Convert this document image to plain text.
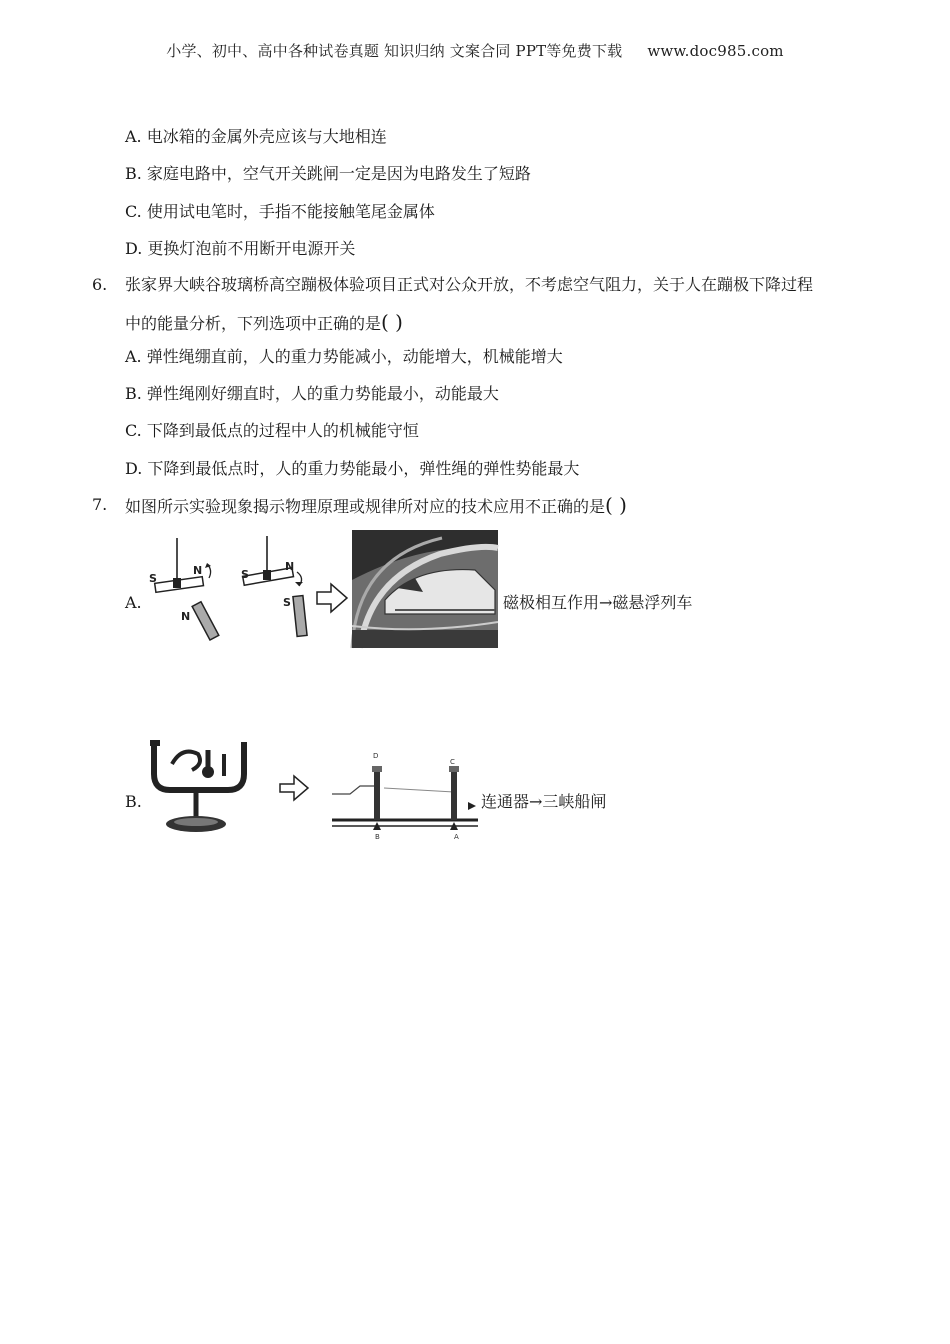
小学、初中、高中各种试卷真题 知识归纳 文案合同 PPT等免费下载 www.doc985.com
A. 电冰箱的金属外壳应该与大地相连
B. 家庭电路中，空气开关跳闸一定是因为电路发生了短路
C. 使用试电笔时，手指不能接触笔尾金属体
D. 更换灯泡前不用断开电源开关
6. 张家界大峡谷玻璃桥高空蹦极体验项目正式对公众开放，不考虑空气阻力，关于人在蹦极下降过程
中的能量分析，下列选项中正确的是( )
A. 弹性绳绷直前，人的重力势能减小，动能增大，机械能增大
B. 弹性绳刚好绷直时，人的重力势能最小，动能最大
C. 下降到最低点的过程中人的机械能守恒
D. 下降到最低点时，人的重力势能最小，弹性绳的弹性势能最大
7. 如图所示实验现象揭示物理原理或规律所对应的技术应用不正确的是( )
A.
S
N
N
S
N
S	磁极相互作用→磁悬浮列车
B.
D
C
B	A
连通器→三峡船闸
